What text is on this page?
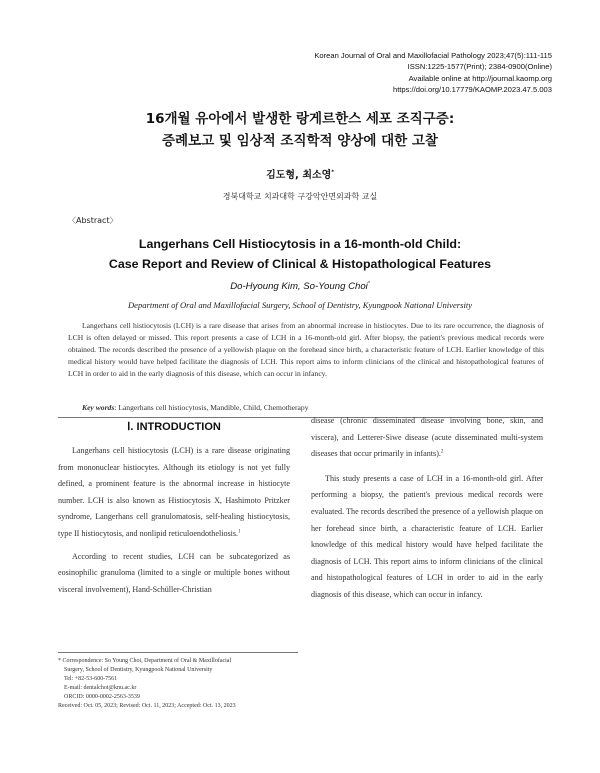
Korean Journal of Oral and Maxillofacial Pathology 2023;47(5):111-115
ISSN:1225-1577(Print); 2384-0900(Online)
Available online at http://journal.kaomp.org
https://doi.org/10.17779/KAOMP.2023.47.5.003
16개월 유아에서 발생한 랑게르한스 세포 조직구증:
증례보고 및 임상적 조직학적 양상에 대한 고찰
김도형, 최소영*
경북대학교 치과대학 구강악안면외과학 교실
〈Abstract〉
Langerhans Cell Histiocytosis in a 16-month-old Child:
Case Report and Review of Clinical & Histopathological Features
Do-Hyoung Kim, So-Young Choi*
Department of Oral and Maxillofacial Surgery, School of Dentistry, Kyungpook National University
Langerhans cell histiocytosis (LCH) is a rare disease that arises from an abnormal increase in histiocytes. Due to its rare occurrence, the diagnosis of LCH is often delayed or missed. This report presents a case of LCH in a 16-month-old girl. After biopsy, the patient's previous medical records were obtained. The records described the presence of a yellowish plaque on the forehead since birth, a characteristic feature of LCH. Earlier knowledge of this medical history would have helped facilitate the diagnosis of LCH. This report aims to inform clinicians of the clinical and histopathological features of LCH in order to aid in the early diagnosis of this disease, which can occur in infancy.
Key words: Langerhans cell histiocytosis, Mandible, Child, Chemotherapy
Ⅰ. INTRODUCTION

Langerhans cell histiocytosis (LCH) is a rare disease originating from mononuclear histiocytes. Although its etiology is not yet fully defined, a prominent feature is the abnormal increase in histiocyte number. LCH is also known as Histiocytosis X, Hashimoto Pritzker syndrome, Langerhans cell granulomatosis, self-healing histiocytosis, type II histiocytosis, and nonlipid reticuloendotheliosis.$^1$

According to recent studies, LCH can be subcategorized as eosinophilic granuloma (limited to a single or multiple bones without visceral involvement), Hand-Schüller-Christian

disease (chronic disseminated disease involving bone, skin, and viscera), and Letterer-Siwe disease (acute disseminated multi-system diseases that occur primarily in infants).$^2$

This study presents a case of LCH in a 16-month-old girl. After performing a biopsy, the patient's previous medical records were evaluated. The records described the presence of a yellowish plaque on her forehead since birth, a characteristic feature of LCH. Earlier knowledge of this medical history would have helped facilitate the diagnosis of LCH. This report aims to inform clinicians of the clinical and histopathological features of LCH in order to aid in the early diagnosis of this disease, which can occur in infancy.

* Correspondence: So Young Choi, Department of Oral & Maxillofacial
Surgery, School of Dentistry, Kyungpook National University
Tel: +82-53-600-7561
E-mail: dentalchoi@knu.ac.kr
ORCID: 0000-0002-2563-3539
Received: Oct. 05, 2023; Revised: Oct. 11, 2023; Accepted: Oct. 13, 2023
